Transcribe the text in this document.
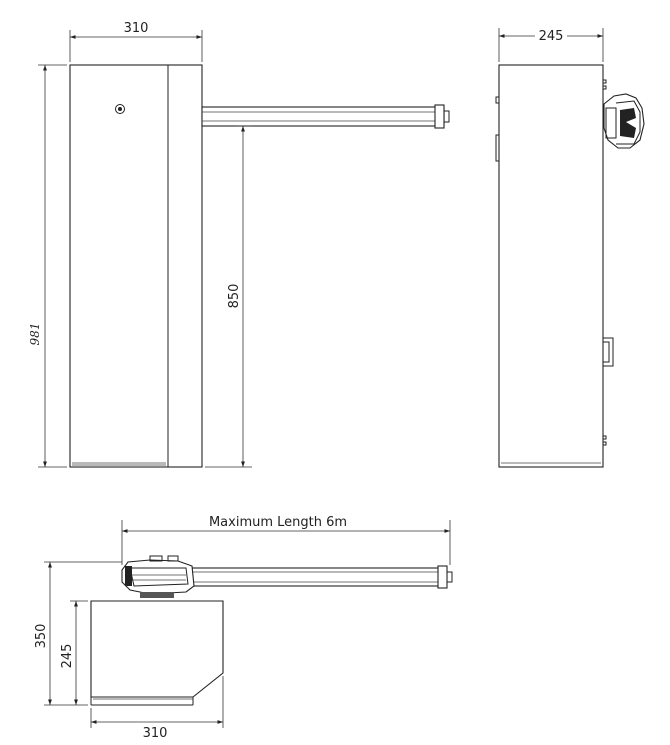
310
981
850
245
Maximum Length 6m
350
245
310
